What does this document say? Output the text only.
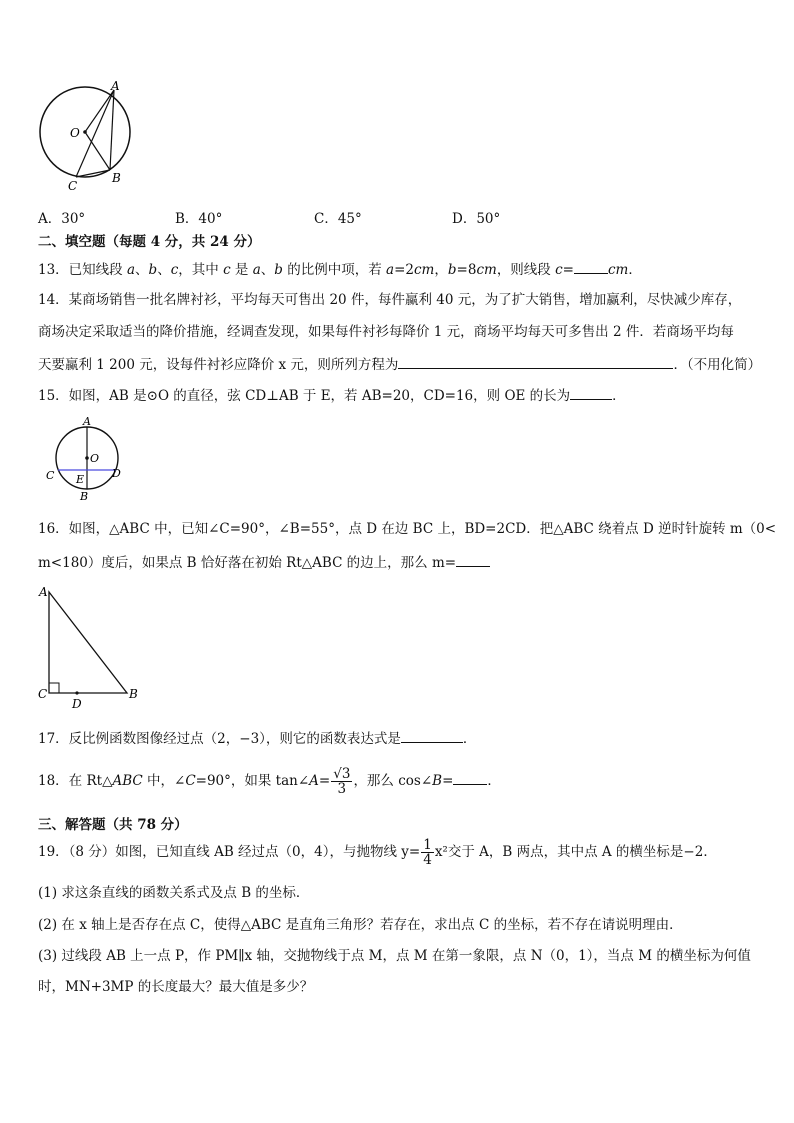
A
O
C
B
A．30°	B．40°	C．45°	D．50°
二、填空题（每题 4 分，共 24 分）
13．已知线段 a、b、c，其中 c 是 a、b 的比例中项，若 a=2cm，b=8cm，则线段 c=	cm．
14．某商场销售一批名牌衬衫，平均每天可售出 20 件，每件赢利 40 元，为了扩大销售，增加赢利，尽快减少库存，
商场决定采取适当的降价措施，经调查发现，如果每件衬衫每降价 1 元，商场平均每天可多售出 2 件．若商场平均每
天要赢利 1 200 元，设每件衬衫应降价 x 元，则所列方程为	．（不用化简）
15．如图，AB 是⊙O 的直径，弦 CD⊥AB 于 E，若 AB=20，CD=16，则 OE 的长为	．
A
O
C E	D
B
16．如图，△ABC 中，已知∠C=90°，∠B=55°，点 D 在边 BC 上，BD=2CD．把△ABC 绕着点 D 逆时针旋转 m（0<
m<180）度后，如果点 B 恰好落在初始 Rt△ABC 的边上，那么 m=
A
C
D
B
17．反比例函数图像经过点（2，−3），则它的函数表达式是	．
18．在 Rt△ABC 中，∠C=90°，如果 tan∠A= $\frac{√3}{3}$ ，那么 cos∠B=	．
三、解答题（共 78 分）
19．（8 分）如图，已知直线 AB 经过点（0，4），与抛物线 $y= \frac{1}{4} x^2$交于 A，B 两点，其中点 A 的横坐标是−2．
(1) 求这条直线的函数关系式及点 B 的坐标．
(2) 在 x 轴上是否存在点 C，使得△ABC 是直角三角形？若存在，求出点 C 的坐标，若不存在请说明理由．
(3) 过线段 AB 上一点 P，作 PM∥x 轴，交抛物线于点 M，点 M 在第一象限，点 N（0，1），当点 M 的横坐标为何值
时，MN+3MP 的长度最大？最大值是多少？
